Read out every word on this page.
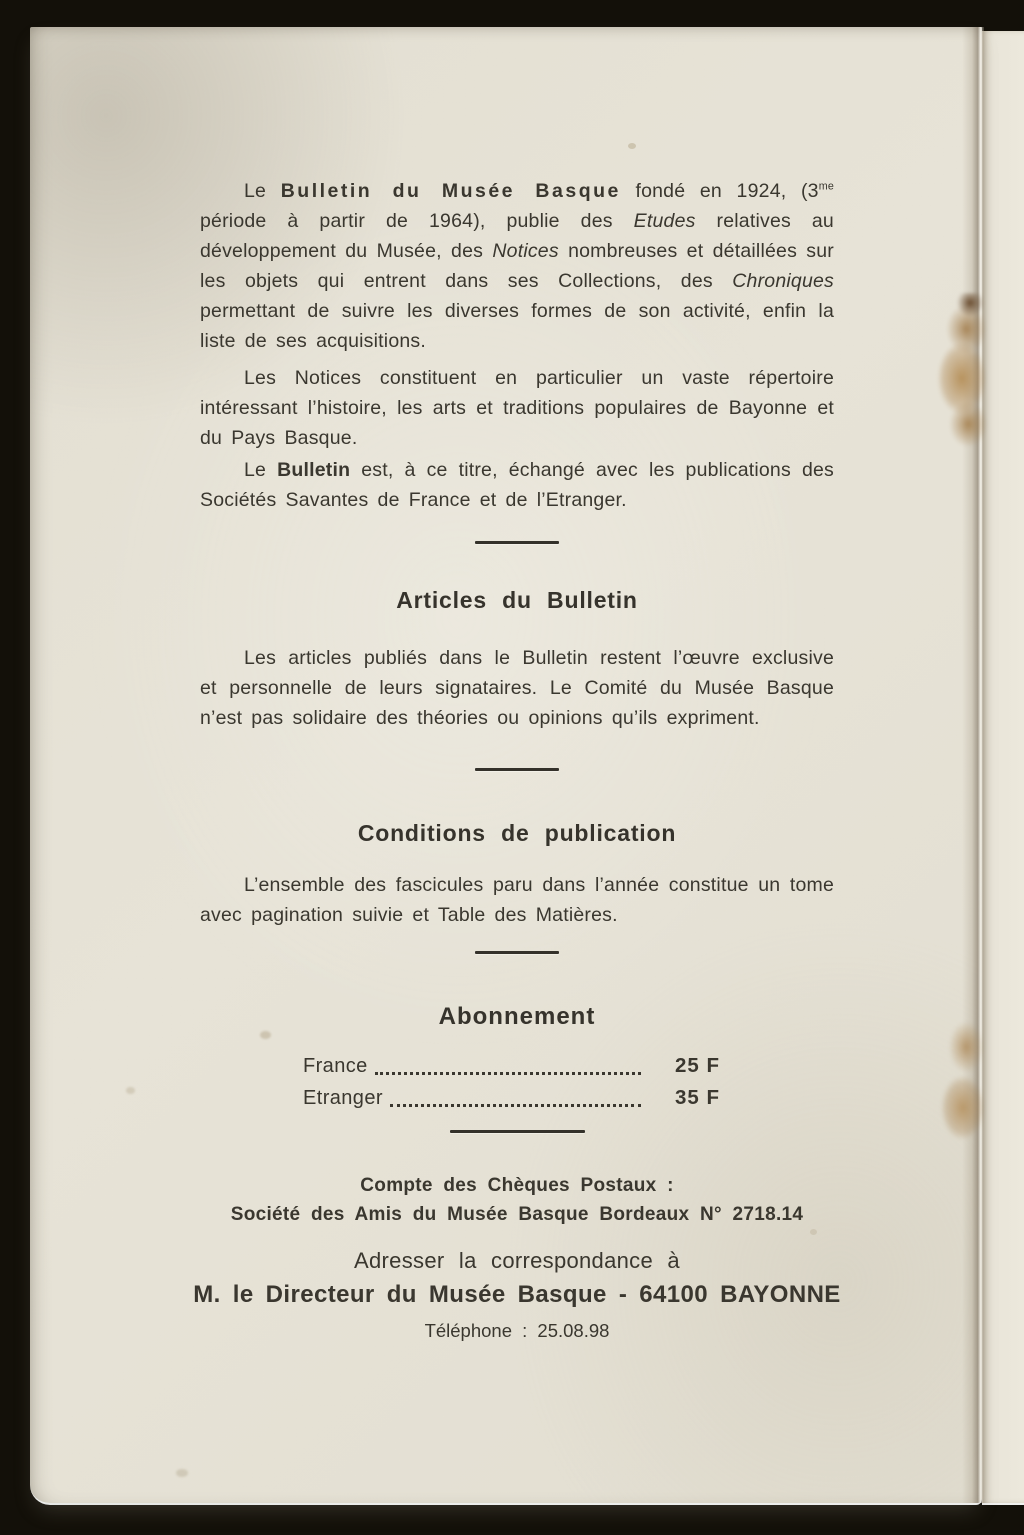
Le Bulletin du Musée Basque fondé en 1924, ($3^{me}$ période à partir de 1964), publie des Etudes relatives au développement du Musée, des Notices nombreuses et détaillées sur les objets qui entrent dans ses Collections, des Chroniques permettant de suivre les diverses formes de son activité, enfin la liste de ses acquisitions.

Les Notices constituent en particulier un vaste répertoire intéressant l’histoire, les arts et traditions populaires de Bayonne et du Pays Basque.

Le Bulletin est, à ce titre, échangé avec les publications des Sociétés Savantes de France et de l’Etranger.

Articles du Bulletin

Les articles publiés dans le Bulletin restent l’œuvre exclusive et personnelle de leurs signataires. Le Comité du Musée Basque n’est pas solidaire des théories ou opinions qu’ils expriment.

Conditions de publication

L’ensemble des fascicules paru dans l’année constitue un tome avec pagination suivie et Table des Matières.

Abonnement
France	25 F
Etranger	35 F

Compte des Chèques Postaux :

Société des Amis du Musée Basque Bordeaux N° 2718.14

Adresser la correspondance à

M. le Directeur du Musée Basque - 64100 BAYONNE

Téléphone : 25.08.98
